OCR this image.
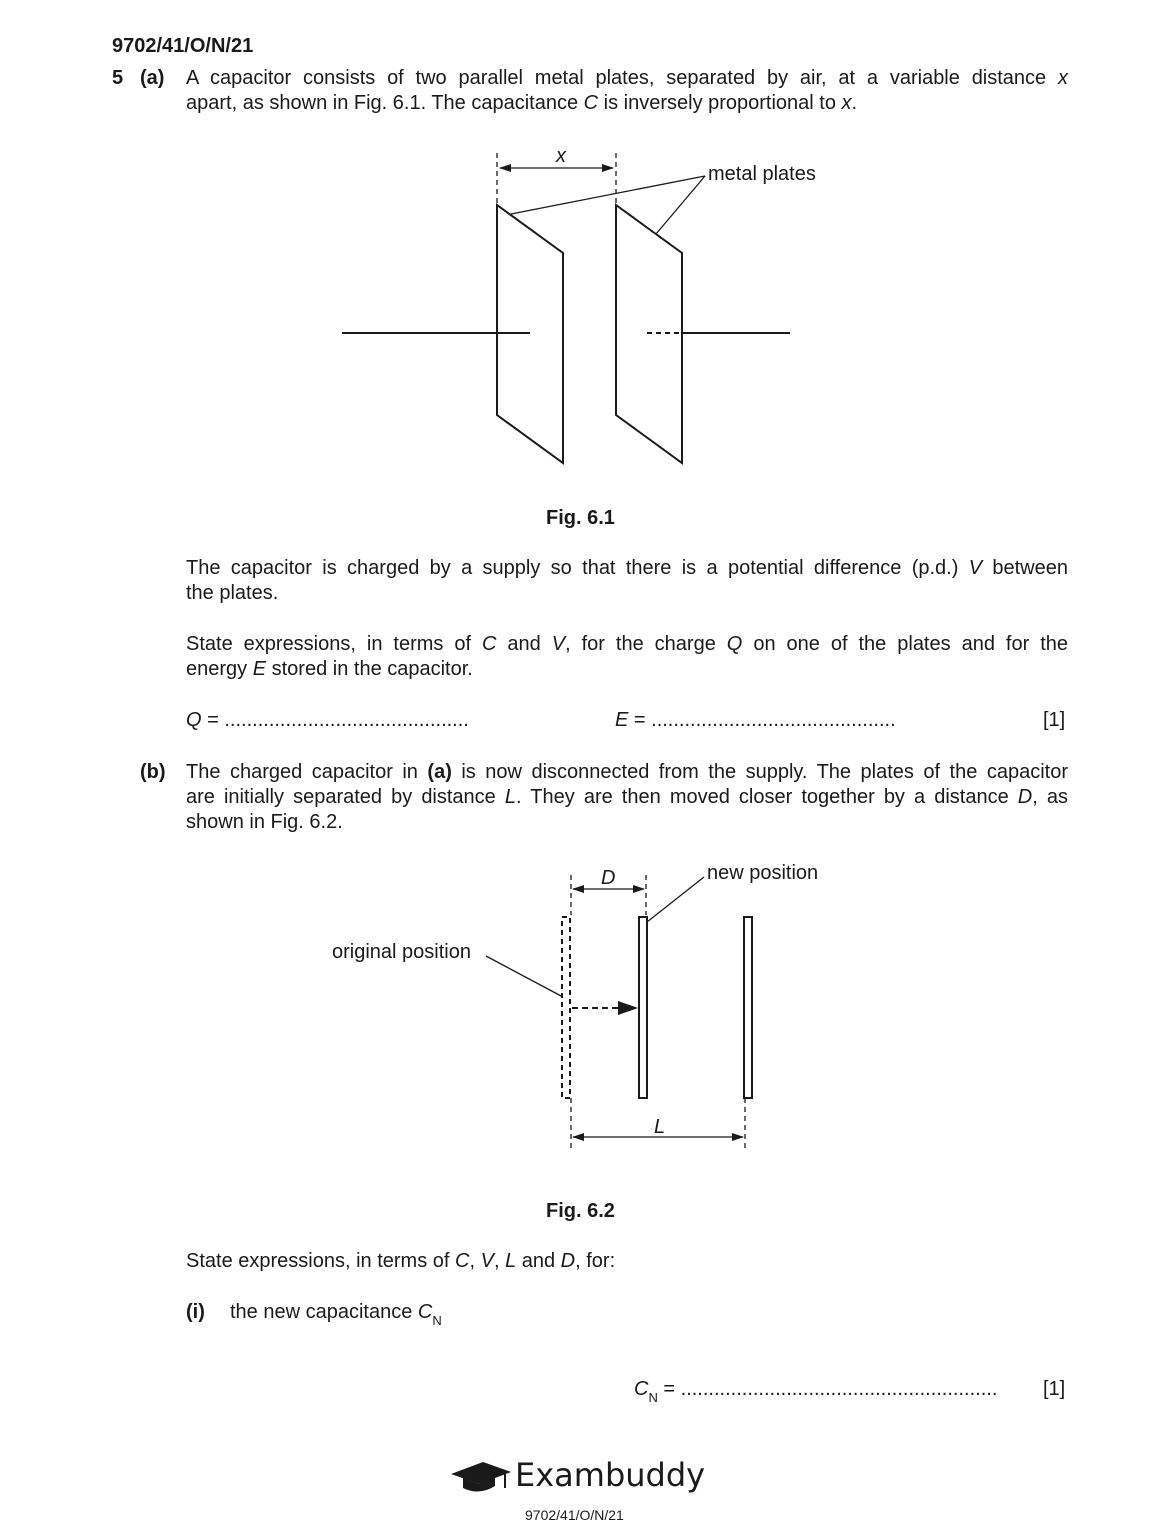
9702/41/O/N/21
5 (a) A capacitor consists of two parallel metal plates, separated by air, at a variable distance x
apart, as shown in Fig. 6.1. The capacitance C is inversely proportional to x.
x
metal plates
Fig. 6.1
The capacitor is charged by a supply so that there is a potential difference (p.d.) V between
the plates.
State expressions, in terms of C and V, for the charge Q on one of the plates and for the
energy E stored in the capacitor.
Q = ............................................	E = ............................................	[1]
(b) The charged capacitor in (a) is now disconnected from the supply. The plates of the capacitor
are initially separated by distance L. They are then moved closer together by a distance D, as
shown in Fig. 6.2.
D
L
new position
original position
Fig. 6.2
State expressions, in terms of C, V, L and D, for:
(i) the new capacitance $C_N$
$C_N$ = ......................................................... [1]
Exambuddy
9702/41/O/N/21
